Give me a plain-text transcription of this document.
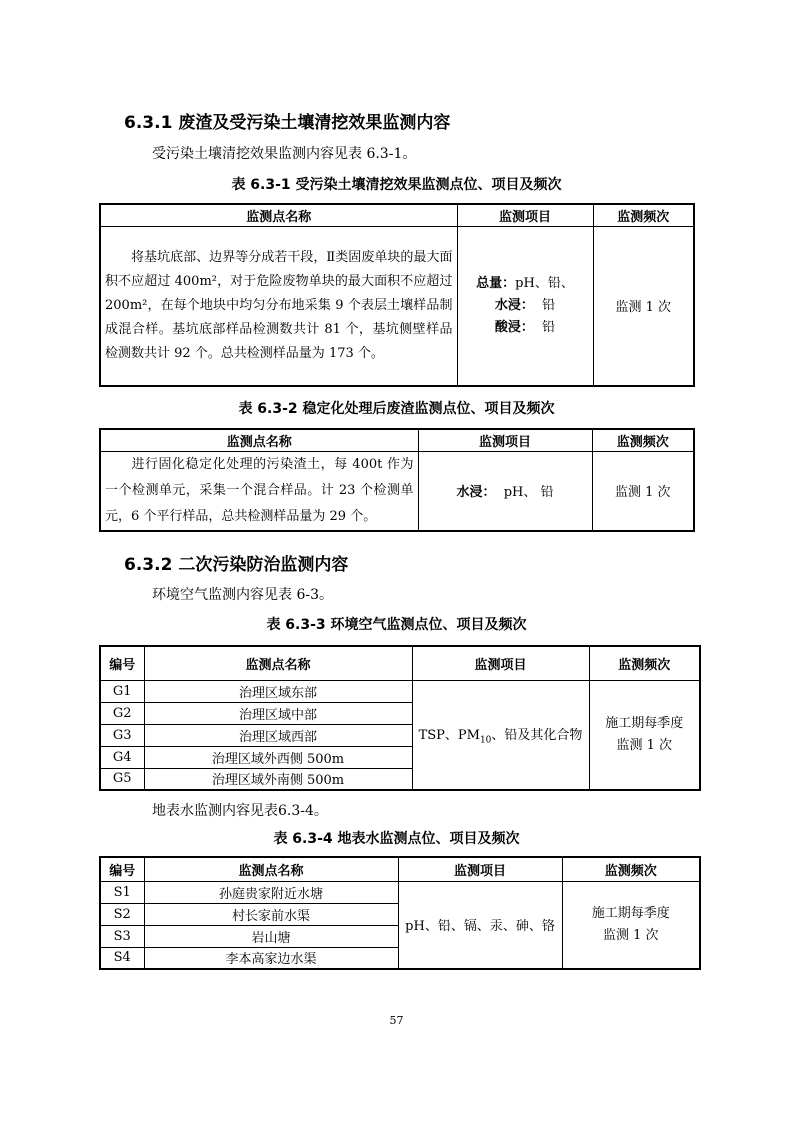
6.3.1 废渣及受污染土壤清挖效果监测内容
受污染土壤清挖效果监测内容见表 6.3-1。
表 6.3-1 受污染土壤清挖效果监测点位、项目及频次
监测点名称	监测项目	监测频次
将基坑底部、边界等分成若干段，Ⅱ类固废单块的最大面积不应超过 400m²，对于危险废物单块的最大面积不应超过 200m²，在每个地块中均匀分布地采集 9 个表层土壤样品制成混合样。基坑底部样品检测数共计 81 个，基坑侧壁样品检测数共计 92 个。总共检测样品量为 173 个。	总量：pH、铅、
水浸： 铅
酸浸： 铅	监测 1 次
表 6.3-2 稳定化处理后废渣监测点位、项目及频次
监测点名称	监测项目	监测频次
进行固化稳定化处理的污染渣土，每 400t 作为一个检测单元，采集一个混合样品。计 23 个检测单元，6 个平行样品，总共检测样品量为 29 个。	水浸： pH、 铅	监测 1 次
6.3.2 二次污染防治监测内容
环境空气监测内容见表 6-3。
表 6.3-3 环境空气监测点位、项目及频次
编号	监测点名称	监测项目	监测频次
G1	治理区域东部	TSP、$PM_{10}$、铅及其化合物	施工期每季度
监测 1 次

G2	治理区域中部		
G3	治理区域西部		
G4	治理区域外西侧 500m		
G5	治理区域外南侧 500m		
地表水监测内容见表6.3-4。
表 6.3-4 地表水监测点位、项目及频次
编号	监测点名称	监测项目	监测频次
S1	孙庭贵家附近水塘	pH、铅、镉、汞、砷、铬	施工期每季度
监测 1 次

S2	村长家前水渠		
S3	岩山塘		
S4	李本高家边水渠		
57
